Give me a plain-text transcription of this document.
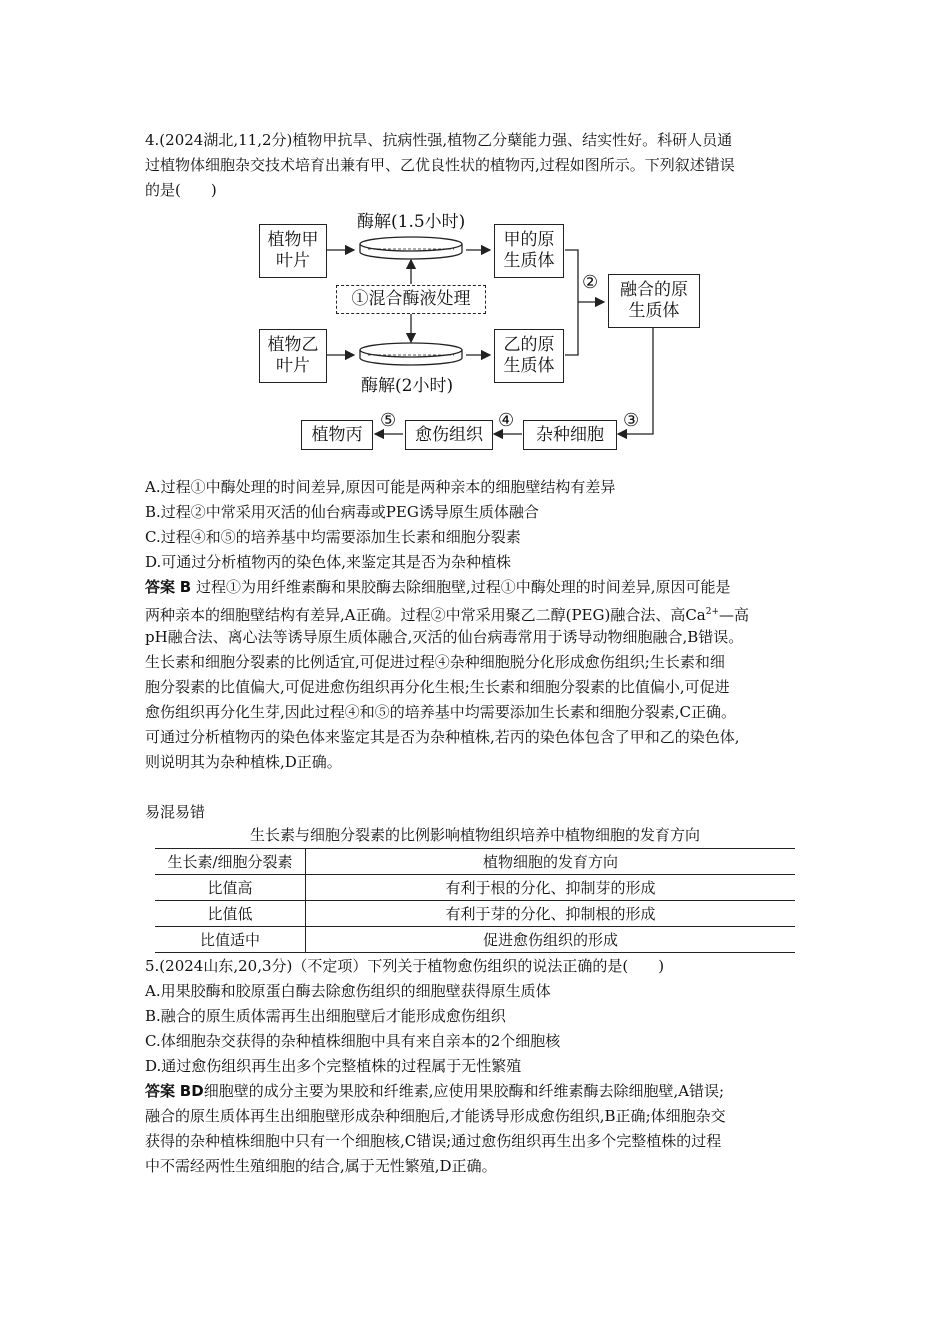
4.(2024湖北,11,2分)植物甲抗旱、抗病性强,植物乙分蘖能力强、结实性好。科研人员通
过植物体细胞杂交技术培育出兼有甲、乙优良性状的植物丙,过程如图所示。下列叙述错误
的是(　　)
植物甲
叶片
植物乙
叶片
酶解(1.5小时)
酶解(2小时)
①混合酶液处理
甲的原
生质体
乙的原
生质体
融合的原
生质体
杂种细胞
愈伤组织
植物丙
②
③
④
⑤
A.过程①中酶处理的时间差异,原因可能是两种亲本的细胞壁结构有差异
B.过程②中常采用灭活的仙台病毒或PEG诱导原生质体融合
C.过程④和⑤的培养基中均需要添加生长素和细胞分裂素
D.可通过分析植物丙的染色体,来鉴定其是否为杂种植株
答案 B 过程①为用纤维素酶和果胶酶去除细胞壁,过程①中酶处理的时间差异,原因可能是
两种亲本的细胞壁结构有差异,A正确。过程②中常采用聚乙二醇(PEG)融合法、高$Ca^{2+}—$高
pH融合法、离心法等诱导原生质体融合,灭活的仙台病毒常用于诱导动物细胞融合,B错误。
生长素和细胞分裂素的比例适宜,可促进过程④杂种细胞脱分化形成愈伤组织;生长素和细
胞分裂素的比值偏大,可促进愈伤组织再分化生根;生长素和细胞分裂素的比值偏小,可促进
愈伤组织再分化生芽,因此过程④和⑤的培养基中均需要添加生长素和细胞分裂素,C正确。
可通过分析植物丙的染色体来鉴定其是否为杂种植株,若丙的染色体包含了甲和乙的染色体,
则说明其为杂种植株,D正确。
易混易错
生长素与细胞分裂素的比例影响植物组织培养中植物细胞的发育方向
生长素/细胞分裂素	植物细胞的发育方向
比值高	有利于根的分化、抑制芽的形成
比值低	有利于芽的分化、抑制根的形成
比值适中	促进愈伤组织的形成
5.(2024山东,20,3分)（不定项）下列关于植物愈伤组织的说法正确的是(　　)
A.用果胶酶和胶原蛋白酶去除愈伤组织的细胞壁获得原生质体
B.融合的原生质体需再生出细胞壁后才能形成愈伤组织
C.体细胞杂交获得的杂种植株细胞中具有来自亲本的2个细胞核
D.通过愈伤组织再生出多个完整植株的过程属于无性繁殖
答案 BD细胞壁的成分主要为果胶和纤维素,应使用果胶酶和纤维素酶去除细胞壁,A错误;
融合的原生质体再生出细胞壁形成杂种细胞后,才能诱导形成愈伤组织,B正确;体细胞杂交
获得的杂种植株细胞中只有一个细胞核,C错误;通过愈伤组织再生出多个完整植株的过程
中不需经两性生殖细胞的结合,属于无性繁殖,D正确。
